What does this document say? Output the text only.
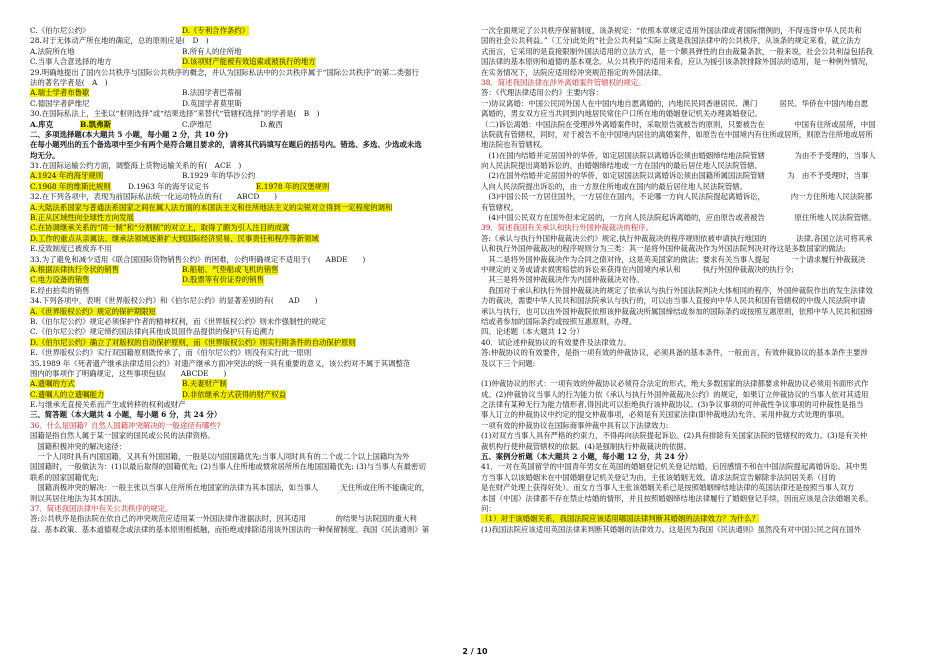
C.《伯尔尼公约》	D.《专利合作条约》
28.对于无体动产所在地的确定，总的原则应是(　D　)
A.法院所在地	B.所有人的住所地
C.当事人合意选择的地方	D.该项财产能被有效追索或被执行的地方
29.明确地提出了国内公共秩序与国际公共秩序的概念，并认为国际私法中的公共秩序属于“国际公共秩序”的第二类强行
法的著名学者是(　A　)
A.瑞士学者布鲁歇	B.法国学者巴蒂福
C.德国学者萨维尼	D.英国学者莫里斯
30.在国际私法上，主张以“枢则选择”或“结果选择”来替代“管辖权选择”的学者是(　B　)
A.库克	B.凯弗斯	C.萨维尼	D.戴西
二、多项选择题(本大题共 5 小题，每小题 2 分，共 10 分)
在每小题列出的五个备选项中至少有两个是符合题目要求的，请将其代码填写在题后的括号内。错选、多选、少选或未选
均无分。
31.在国际运输公约方面，调整海上货物运输关系的有(　ACE　)
A.1924 年的海牙规则	B.1929 年的华沙公约
C.1968 年的维斯比规则 D.1963 年的海牙议定书	E.1978 年的汉堡规则
32.在下列各项中，表现为前国际私法统一化运动特点的有(　　ABCD　　)
A.大陆法系国家与普通法系国家之间在属人法方面的本国法主义和住所地法主义的尖锐对立得到一定程度的调和
B.正从区域性向全球性方向发展
C.在协调继承关系的“同一制”和“分割制”的对立上，取得了颇为引人注目的成就
D.工作的重点从亲属法、继承法领域逐渐扩大到国际经济贸易、民事责任和程序等新领域
E.反致制度已被废弃不用
33.为了避免和减少适用《联合国国际货物销售公约》的困难，公约明确规定不适用于(　　ABDE　　)
A.根据法律执行令状的销售	B.船舶、气垫船或飞机的销售
C.电力设备的销售	D.股票等有价证券的销售
E.经由拍卖的销售
34.下列各项中，表明《世界版权公约》和《伯尔尼公约》的显著差别的有(　　AD　　)
A.《世界版权公约》规定的保护期限短
B.《伯尔尼公约》规定必须保护作者的精神权利，而《世界版权公约》则未作强制性的规定
C.《伯尔尼公约》规定缔约国法律向其他成员国作品提供的保护只有追溯力
D.《伯尔尼公约》确立了对版权的自动保护原则，而《世界版权公约》则实行附条件的自动保护原则
E.《世界版权公约》实行双国籍原则既传承了，而《伯尔尼公约》则没有实行此一原则
35.1989 年《死者遗产继承法律适用公约》对遗产继承方面冲突法的统一具有重要的意义，该公约对不属于其调整范
围内的事项作了明确规定，这些事项包括(　　ABCDE　　)
A.遗嘱的方式	B.夫妻财产制
C.遗嘱人的立遗嘱能力	D.非依继承方式获得的财产权益
E.与继承无直接关系而产生或转移的权利或财产
三、简答题（本大题共 4 小题，每小题 6 分，共 24 分）
36．什么是国籍？自然人国籍冲突解决的一般途径有哪些?
国籍是指自然人属于某一国家的国民或公民的法律资格。
　国籍积极冲突的解决途径：
　一个人同时具有内国国籍，又具有外国国籍，一般是以内国国籍优先;当事人同时具有的二个或二个以上国籍均为外
国国籍时，一般做法为：(1)以最后取得的国籍优先; (2)当事人住所地或惯常居所所在地国国籍优先; (3)与当事人有最密切
联系的国家国籍优先;
　国籍消极冲突的解决：一般主张以当事人住所所在地国家的法律为其本国法，如当事人　　　无住所或住所不能确定的，
则以其居住地法为其本国法。
37．简述我国法律中有关公共秩序的规定。
答:公共秩序是指法院在依自己的冲突规范应适用某一外国法律作准据法时，因其适用　　　　的结果与法院国的重大利
益、基本政策、基本道德观念或法律的基本原则相抵触，而拒绝或排除适用该外国法的一种保留制度。我国《民法通则》第
一次全面规定了公共秩序保留制度，该条规定：“依照本章规定适用外国法律或者国际惯例的，不得违背中华人民共和
国的社会公共利益。”（工分)此处的“社会公共利益”实际上就是我国法律中的公共秩序，从该条的规定来看，就立法方
式而言，它采用的是直接限制外国法适用的立法方式，是一个颇具弹性的自由裁量条款，一般来说，社会公共利益包括我
国法律的基本原则和道德的基本观念。从公共秩序的适用来看，应认为援引该条款排除外国法的适用，是一种例外情况，
在实务情况下，法院应适用经冲突规范指定的外国法律。
38．简述我国法律在涉外离婚案件管辖权的规定。
答：《代理法律适用公约》主要内容：
一)协议离婚：中国公民同外国人在中国内地自愿离婚的，内地民民同香港居民、澳门　　　居民、华侨在中国内地自愿
离婚的，男女双方应当共同到内地居民常住户口所在地的婚姻登记机关办理离婚登记。
（二)诉讼离婚：中国法院在受理涉外离婚案件时，采取原告就被告的原则，只要被告在　　　　中国有住所或居所，中国
法院就有管辖权，同时，对于被告不在中国境内居住的离婚案件，如原告在中国境内有住所或居所，则原告住所地或居所
地法院也有管辖权。
　(1)在国内结婚并定居国外的华侨，如定居国法院以离婚诉讼须由婚姻缔结地法院管辖　　　　为由不予受理的，当事人
向人民法院提出离婚诉讼的，由婚姻缔结地或一方在国内的最后居住地人民法院管辖。
　(2)在国外结婚并定居国外的华侨，如定居国法院以离婚诉讼须由国籍所属国法院管辖　　　为　由不予受理时，当事
人向人民法院提出诉讼的，由一方原住所地或在国内的最后居住地人民法院管辖。
　(3)中国公民一方居住国外，一方居住在国内，不论哪一方向人民法院提起离婚诉讼，　　　　内一方住所地人民法院都
有管辖权。
　(4)中国公民双方在国外但未定居的，一方向人民法院起诉离婚的，应由原告或者被告　　　　原住所地人民法院管辖。
39．简述我国有关承认和执行外国仲裁裁决的程序。
答:《承认与执行外国仲裁裁决公约》规定,执行仲裁裁决的程序规则依被申请执行地国的　　　　法律,各国立法可将其承
认和执行外国仲裁裁决的程序规则分为三类：其一是将外国仲裁裁决作为外国法院判决对待这是多数国家的做法;
　其二是将外国仲裁裁决作为合同之债对待，这是英美国家的做法；要求有关当事人提起　　　一个请求履行仲裁裁决
中规定的义务或请求损害赔偿的诉讼来获得在内国境内承认和　　　执行外国仲裁裁决的执行令;
　其三是将外国仲裁裁决作为内国仲裁裁决对待。
　我国对于承认和执行外国仲裁裁决的规定了依承认与执行外国法院判决大体相同的程序，外国仲裁院作出的发生法律效
力的裁决，需要中华人民共和国法院承认与执行的，可以由当事人直接向中华人民共和国有管辖权的中级人民法院申请
承认与执行，也可以由外国仲裁院依照该仲裁裁决所属国缔结或参加的国际条约或按照互惠原则，依照中华人民共和国缔
结或者参加的国际条约或按照互惠原则，办理。
四、论述题（本大题共 12 分）
40．试论述仲裁协议的有效要件及法律效力。
答:仲裁协议的有效要件，是指一项有效的仲裁协议，必须具备的基本条件，一般而言，有效仲裁协议的基本条件主要涉
及以下三个问题:
(1)仲裁协议的形式：一项有效的仲裁协议必须符合法定的形式，绝大多数国家的法律都要求仲裁协议必须用书面形式作
成。(2)仲裁协议当事人的行为能力依《承认与执行外国仲裁裁决公约》的规定，如果订立仲裁协议的当事人依对其适用
之法律有某种无行为能力情形者,得因此可以拒绝执行该仲裁协议。(3)争议事项的可仲裁性争议事项的可仲裁性是指当
事人订立的仲裁协议中约定的提交仲裁事项，必须是有关国家法律(即仲裁地法)允许、采用仲裁方式处理的事项。
一项有效的仲裁协议在国际商事仲裁中具有以下法律效力:
(1)对双方当事人具有严格的约束力，不得再向法院提起诉讼。(2)具有排除有关国家法院的管辖权的效力。(3)是有关仲
裁机构行使仲裁管辖权的依据。(4)是强制执行仲裁裁决的依据。
五、案例分析题（本大题共 2 小题，每小题 12 分，共 24 分）
41．一对在英国留学的中国青年男女在英国的婚姻登记机关登记结婚，后因感情不和在中国法院提起离婚诉讼。其中男
方当事人以该婚姻未在中国婚姻登记机关登记为由，主张该婚姻无效。请求法院宣告解除非法同居关系（目的
是在财产处理上获得好处）。而女方当事人主张该婚姻关系已是按照婚姻缔结地法律的英国法律还是按照当事人双方
本国（中国）法律都不存在禁止结婚的情形，并且按照婚姻缔结地法律履行了婚姻登记手续，因而应该是合法婚姻关系。
问：
（1）对于该婚姻关系，我国法院应该适用哪国法律判断其婚姻的法律效力？为什么？
(1)我国法院应该适用英国法律来判断其婚姻的法律效力。这是因为我国《民法通则》虽然没有对中国公民之间在国外
2 / 10
